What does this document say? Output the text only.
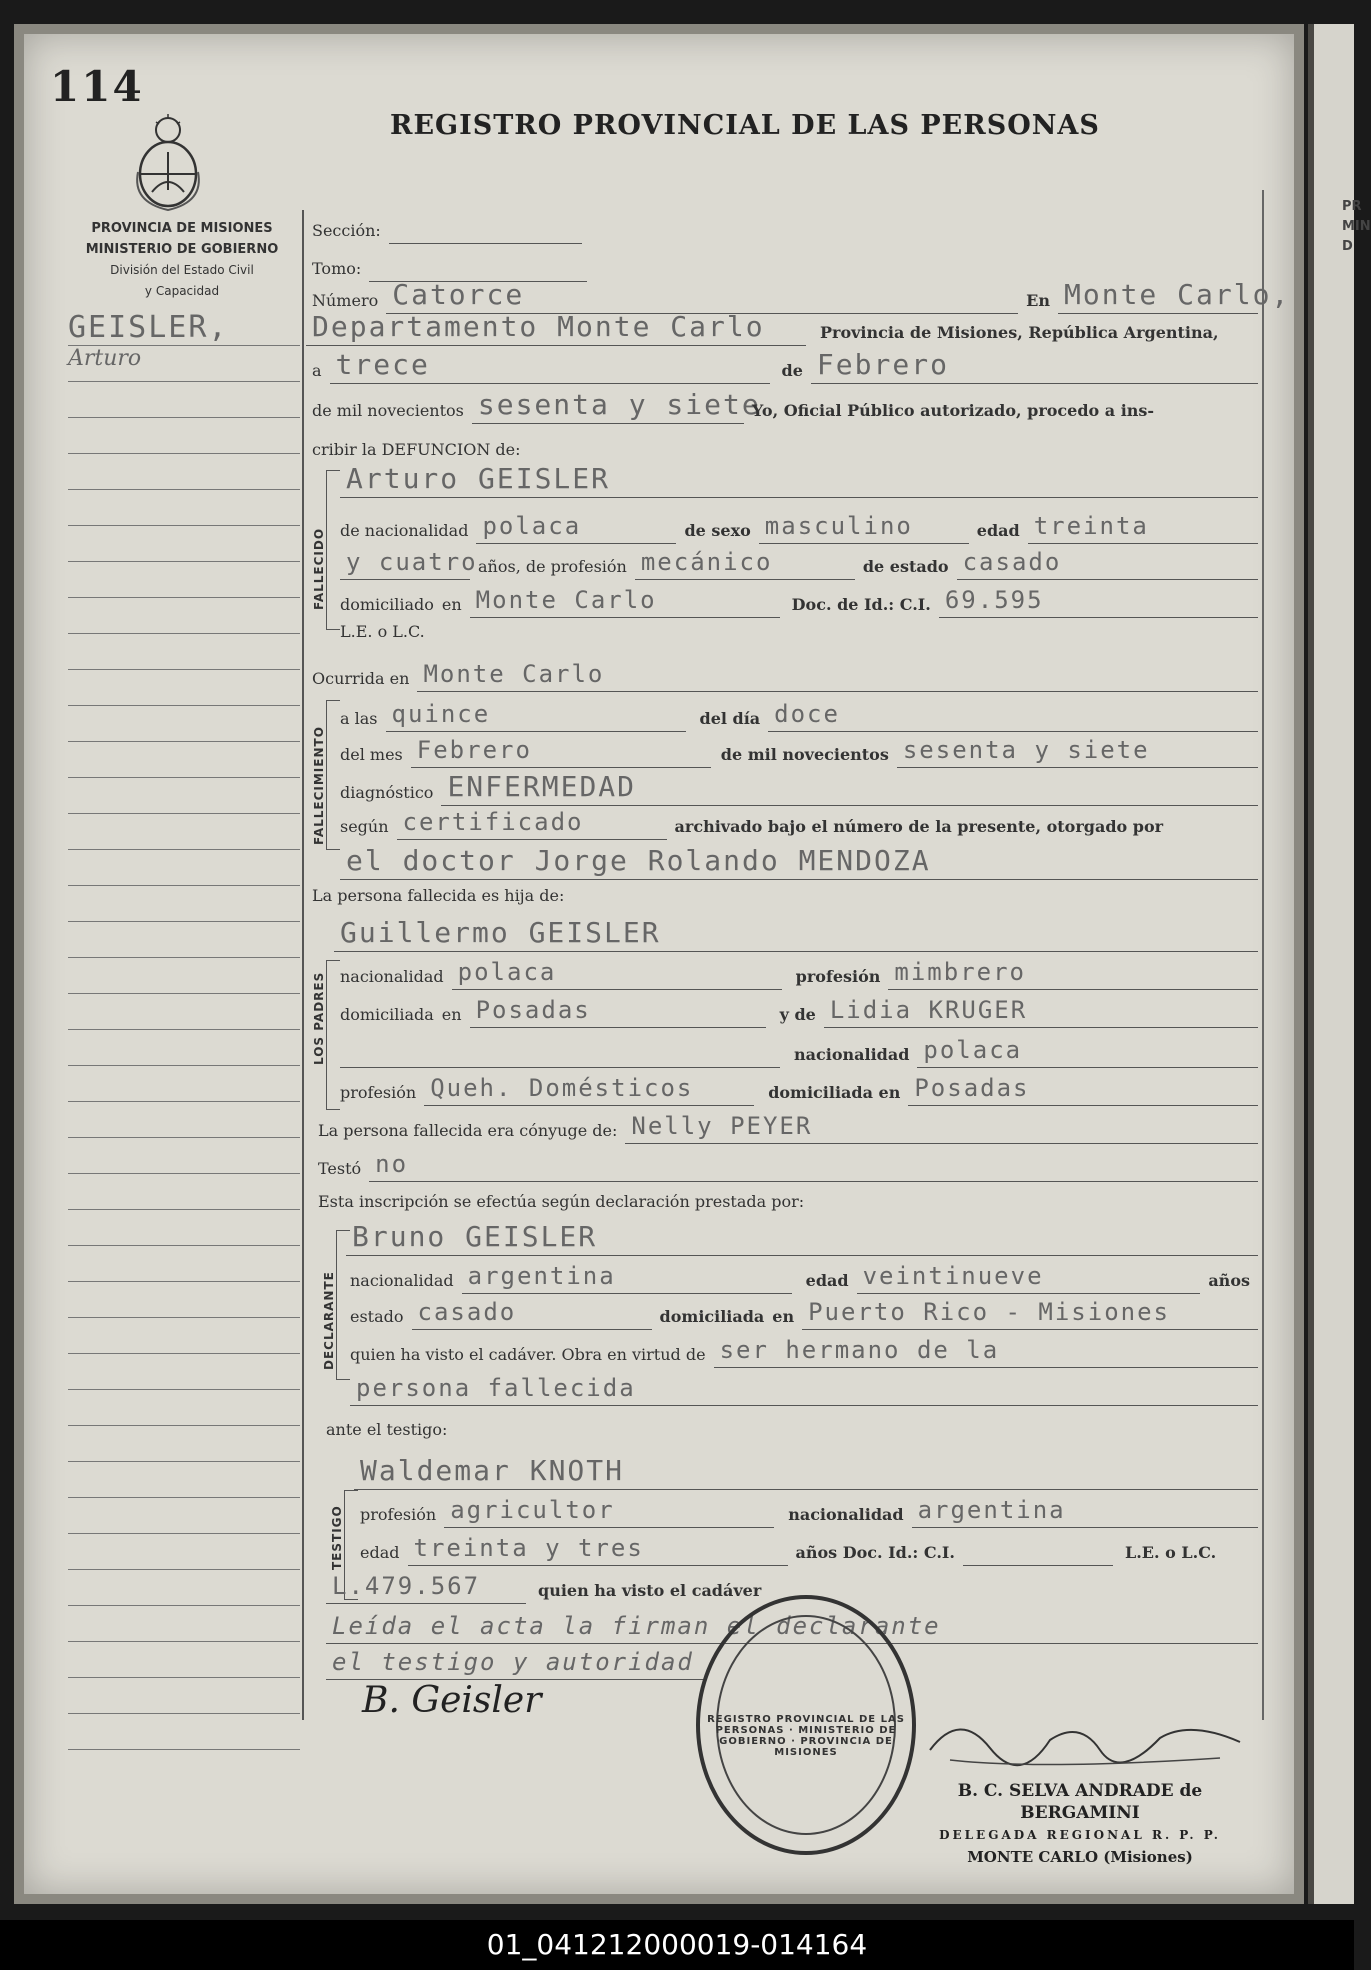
PR
MIN
D
114
REGISTRO PROVINCIAL DE LAS PERSONAS
PROVINCIA DE MISIONES
MINISTERIO DE GOBIERNO
División del Estado Civil
y Capacidad
GEISLER,
Arturo
Sección:
Tomo:
Número Catorce	En Monte Carlo,
Departamento Monte Carlo	Provincia de Misiones, República Argentina,
a trece	de Febrero
de mil novecientos sesenta y siete
Yo, Oficial Público autorizado, procedo a ins-
cribir la DEFUNCION de:
FALLECIDO
Arturo GEISLER
de nacionalidad polaca	de sexo masculino	edad treinta
y cuatro años, de profesión mecánico	de estado casado
domiciliado en Monte Carlo	Doc. de Id.: C.I. 69.595
L.E. o L.C.
Ocurrida en Monte Carlo
FALLECIMIENTO
a las quince	del día doce
del mes Febrero	de mil novecientos sesenta y siete
diagnóstico ENFERMEDAD
según certificado	archivado bajo el número de la presente, otorgado por
el doctor Jorge Rolando MENDOZA
La persona fallecida es hija de:
LOS PADRES
Guillermo GEISLER
nacionalidad polaca	profesión mimbrero
domiciliada en Posadas	y de Lidia KRUGER
nacionalidad polaca
profesión Queh. Domésticos	domiciliada en Posadas
La persona fallecida era cónyuge de: Nelly PEYER
Testó no
Esta inscripción se efectúa según declaración prestada por:
DECLARANTE
Bruno GEISLER
nacionalidad argentina	edad veintinueve	años
estado casado	domiciliada en Puerto Rico - Misiones
quien ha visto el cadáver. Obra en virtud de ser hermano de la
persona fallecida
ante el testigo:
TESTIGO
Waldemar KNOTH
profesión agricultor	nacionalidad argentina
edad treinta y tres	años Doc. Id.: C.I.	L.E. o L.C.
L.479.567	quien ha visto el cadáver
Leída el acta la firman el declarante
el testigo y autoridad
B. Geisler	REGISTRO PROVINCIAL DE LAS PERSONAS · MINISTERIO DE GOBIERNO · PROVINCIA DE MISIONES
B. C. SELVA ANDRADE de BERGAMINI
DELEGADA REGIONAL R. P. P.
MONTE CARLO (Misiones)
01_041212000019-014164
